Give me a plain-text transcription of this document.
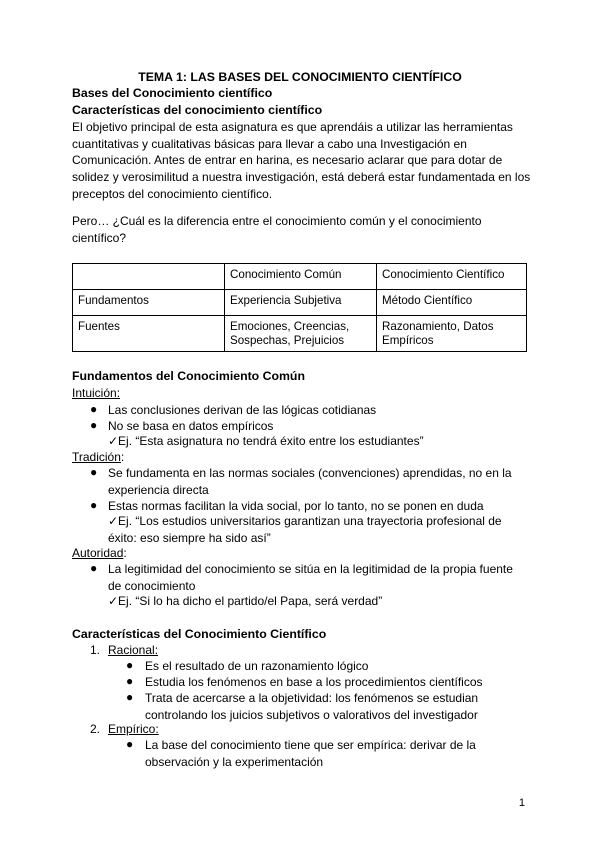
TEMA 1: LAS BASES DEL CONOCIMIENTO CIENTÍFICO
Bases del Conocimiento científico
Características del conocimiento científico
El objetivo principal de esta asignatura es que aprendáis a utilizar las herramientas cuantitativas y cualitativas básicas para llevar a cabo una Investigación en Comunicación. Antes de entrar en harina, es necesario aclarar que para dotar de solidez y verosimilitud a nuestra investigación, está deberá estar fundamentada en los preceptos del conocimiento científico.
Pero… ¿Cuál es la diferencia entre el conocimiento común y el conocimiento científico?
	Conocimiento Común	Conocimiento Científico
Fundamentos	Experiencia Subjetiva	Método Científico
Fuentes	Emociones, Creencias, Sospechas, Prejuicios	Razonamiento, Datos Empíricos
Fundamentos del Conocimiento Común
Intuición:
● Las conclusiones derivan de las lógicas cotidianas
● No se basa en datos empíricos
✓Ej. “Esta asignatura no tendrá éxito entre los estudiantes”
Tradición:
● Se fundamenta en las normas sociales (convenciones) aprendidas, no en la experiencia directa
● Estas normas facilitan la vida social, por lo tanto, no se ponen en duda
✓Ej. “Los estudios universitarios garantizan una trayectoria profesional de éxito: eso siempre ha sido así”
Autoridad:
● La legitimidad del conocimiento se sitúa en la legitimidad de la propia fuente de conocimiento
✓Ej. “Si lo ha dicho el partido/el Papa, será verdad”
Características del Conocimiento Científico
1. Racional:
● Es el resultado de un razonamiento lógico
● Estudia los fenómenos en base a los procedimientos científicos
● Trata de acercarse a la objetividad: los fenómenos se estudian controlando los juicios subjetivos o valorativos del investigador
2. Empírico:
● La base del conocimiento tiene que ser empírica: derivar de la observación y la experimentación
1
